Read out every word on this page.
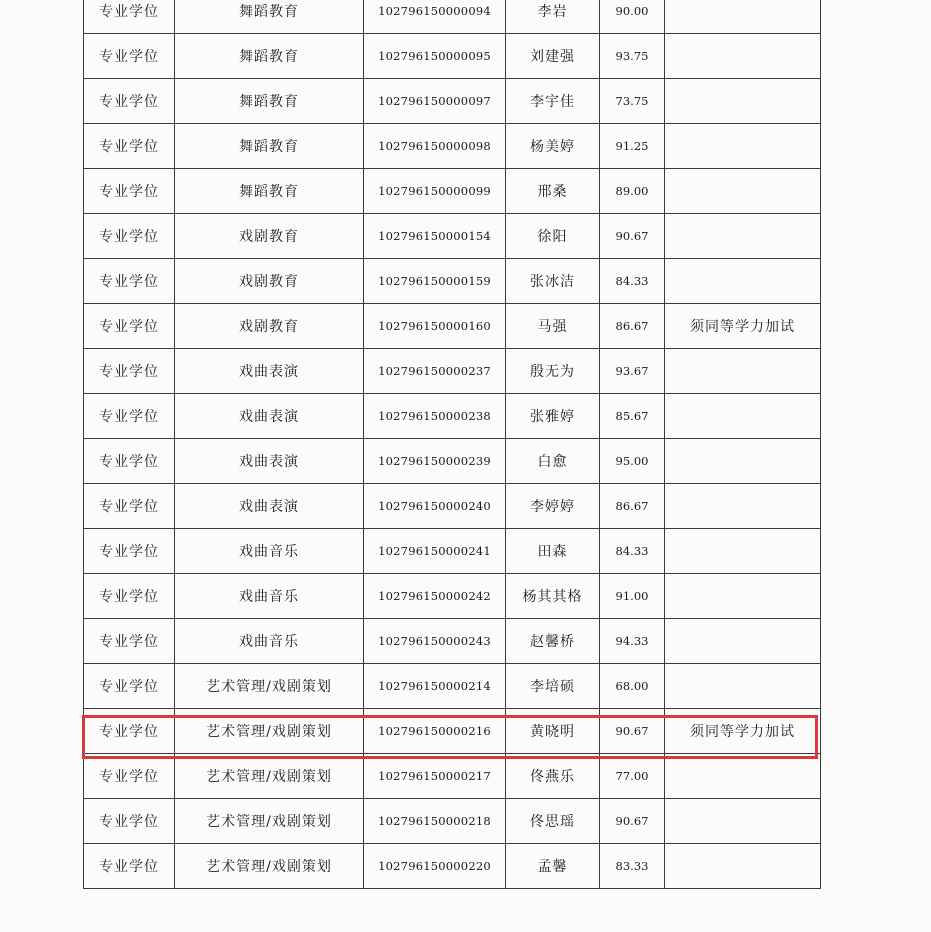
专业学位	舞蹈教育	102796150000094	李岩	90.00	
专业学位	舞蹈教育	102796150000095	刘建强	93.75	
专业学位	舞蹈教育	102796150000097	李宇佳	73.75	
专业学位	舞蹈教育	102796150000098	杨美婷	91.25	
专业学位	舞蹈教育	102796150000099	邢桑	89.00	
专业学位	戏剧教育	102796150000154	徐阳	90.67	
专业学位	戏剧教育	102796150000159	张冰洁	84.33	
专业学位	戏剧教育	102796150000160	马强	86.67	须同等学力加试
专业学位	戏曲表演	102796150000237	殷无为	93.67	
专业学位	戏曲表演	102796150000238	张雅婷	85.67	
专业学位	戏曲表演	102796150000239	白愈	95.00	
专业学位	戏曲表演	102796150000240	李婷婷	86.67	
专业学位	戏曲音乐	102796150000241	田森	84.33	
专业学位	戏曲音乐	102796150000242	杨其其格	91.00	
专业学位	戏曲音乐	102796150000243	赵馨桥	94.33	
专业学位	艺术管理/戏剧策划	102796150000214	李培硕	68.00	
专业学位	艺术管理/戏剧策划	102796150000216	黄晓明	90.67	须同等学力加试
专业学位	艺术管理/戏剧策划	102796150000217	佟燕乐	77.00	
专业学位	艺术管理/戏剧策划	102796150000218	佟思瑶	90.67	
专业学位	艺术管理/戏剧策划	102796150000220	孟馨	83.33	
